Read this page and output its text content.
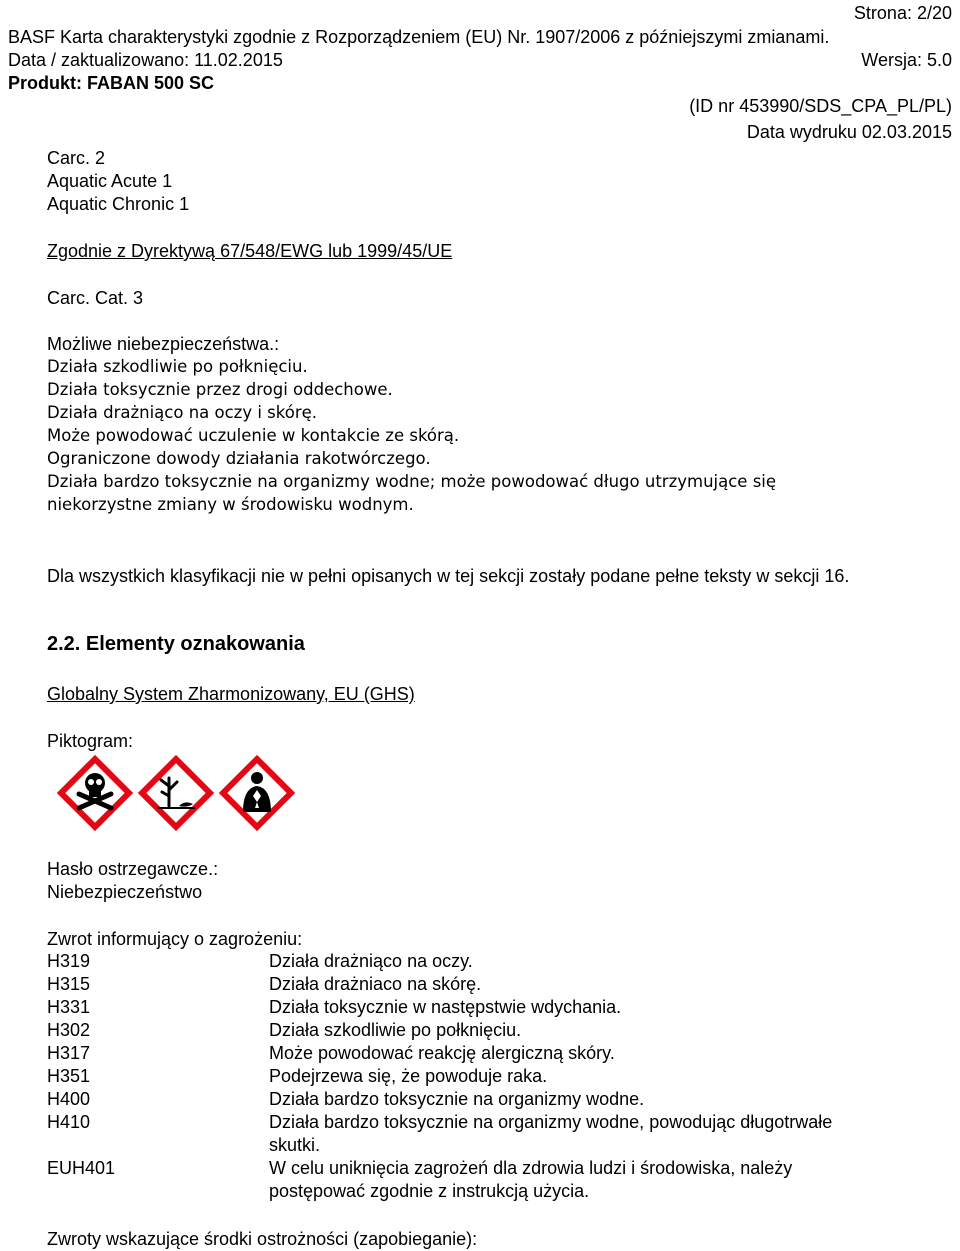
Strona: 2/20
BASF Karta charakterystyki zgodnie z Rozporządzeniem (EU) Nr. 1907/2006 z późniejszymi zmianami.
Data / zaktualizowano: 11.02.2015	Wersja: 5.0
Produkt: FABAN 500 SC
(ID nr 453990/SDS_CPA_PL/PL)
Data wydruku 02.03.2015
Carc. 2
Aquatic Acute 1
Aquatic Chronic 1
Zgodnie z Dyrektywą 67/548/EWG lub 1999/45/UE
Carc. Cat. 3
Możliwe niebezpieczeństwa.:
Działa szkodliwie po połknięciu.
Działa toksycznie przez drogi oddechowe.
Działa drażniąco na oczy i skórę.
Może powodować uczulenie w kontakcie ze skórą.
Ograniczone dowody działania rakotwórczego.
Działa bardzo toksycznie na organizmy wodne; może powodować długo utrzymujące się
niekorzystne zmiany w środowisku wodnym.
Dla wszystkich klasyfikacji nie w pełni opisanych w tej sekcji zostały podane pełne teksty w sekcji 16.
2.2. Elementy oznakowania
Globalny System Zharmonizowany, EU (GHS)
Piktogram:
Hasło ostrzegawcze.:
Niebezpieczeństwo
Zwrot informujący o zagrożeniu:
H319	Działa drażniąco na oczy.
H315	Działa drażniaco na skórę.
H331	Działa toksycznie w następstwie wdychania.
H302	Działa szkodliwie po połknięciu.
H317	Może powodować reakcję alergiczną skóry.
H351	Podejrzewa się, że powoduje raka.
H400	Działa bardzo toksycznie na organizmy wodne.
H410	Działa bardzo toksycznie na organizmy wodne, powodując długotrwałe
skutki.
EUH401	W celu uniknięcia zagrożeń dla zdrowia ludzi i środowiska, należy
postępować zgodnie z instrukcją użycia.
Zwroty wskazujące środki ostrożności (zapobieganie):
